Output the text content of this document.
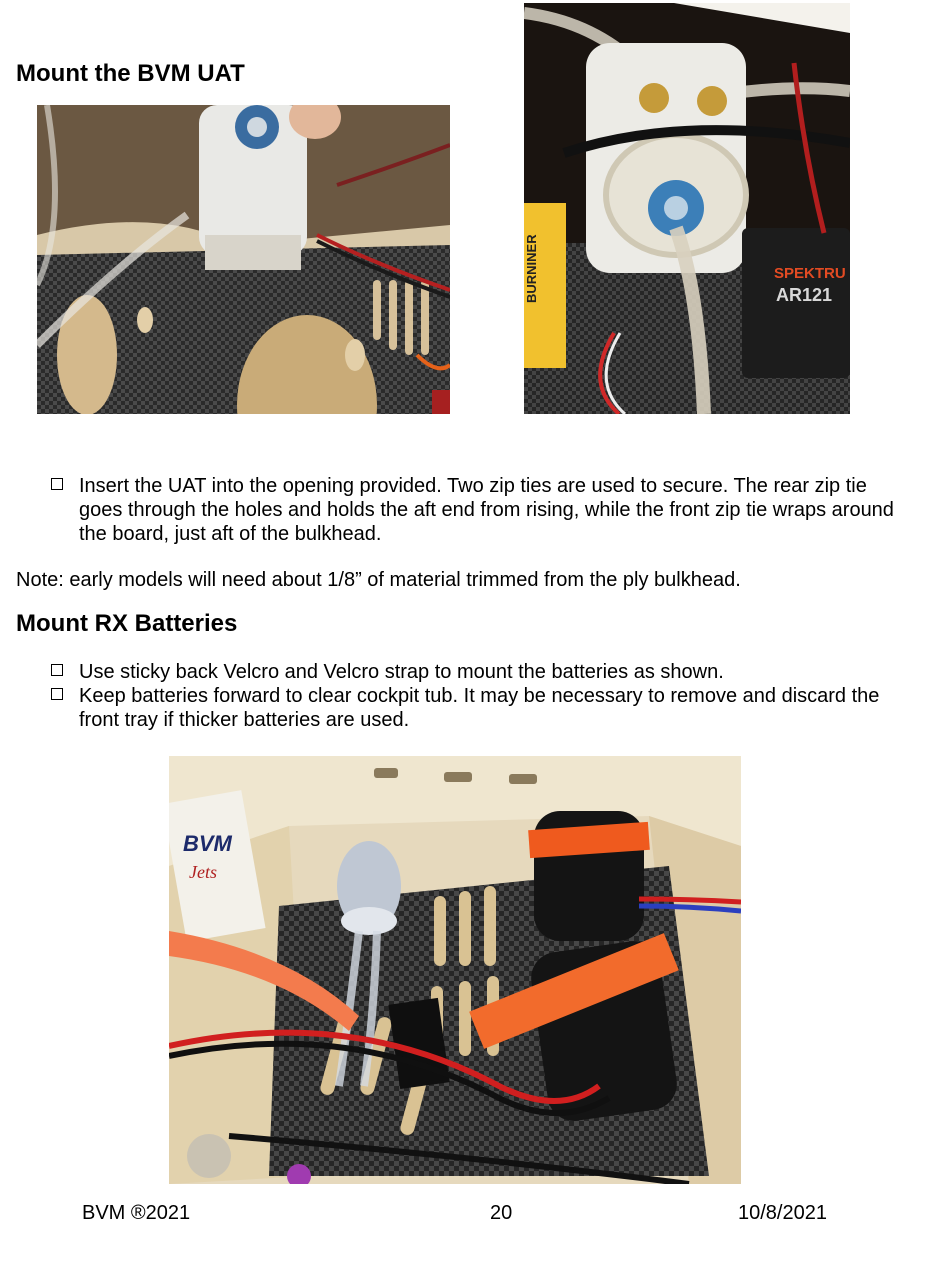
Mount the BVM UAT
BURNINER	SPEKTRU
AR121
Insert the UAT into the opening provided. Two zip ties are used to secure. The rear zip tie goes through the holes and holds the aft end from rising, while the front zip tie wraps around the board, just aft of the bulkhead.
Note: early models will need about 1/8” of material trimmed from the ply bulkhead.
Mount RX Batteries
Use sticky back Velcro and Velcro strap to mount the batteries as shown.
Keep batteries forward to clear cockpit tub. It may be necessary to remove and discard the front tray if thicker batteries are used.
BVM
Jets
BVM ®2021	20	10/8/2021
